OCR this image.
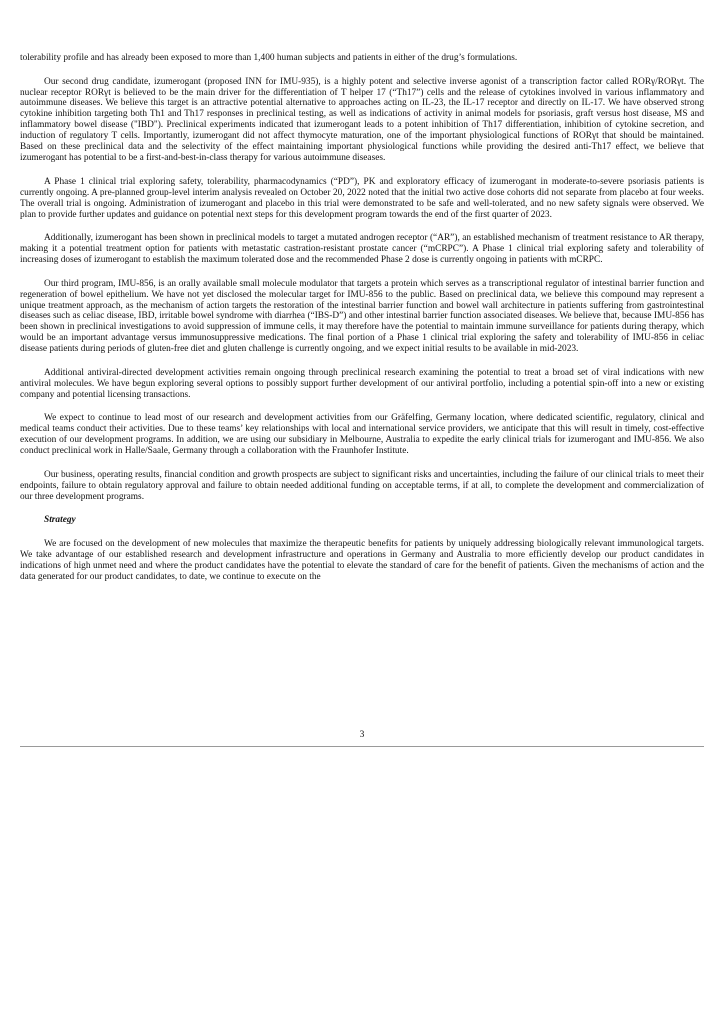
tolerability profile and has already been exposed to more than 1,400 human subjects and patients in either of the drug’s formulations.

Our second drug candidate, izumerogant (proposed INN for IMU-935), is a highly potent and selective inverse agonist of a transcription factor called RORγ/RORγt. The nuclear receptor RORγt is believed to be the main driver for the differentiation of T helper 17 (“Th17”) cells and the release of cytokines involved in various inflammatory and autoimmune diseases. We believe this target is an attractive potential alternative to approaches acting on IL-23, the IL-17 receptor and directly on IL-17. We have observed strong cytokine inhibition targeting both Th1 and Th17 responses in preclinical testing, as well as indications of activity in animal models for psoriasis, graft versus host disease, MS and inflammatory bowel disease ("IBD"). Preclinical experiments indicated that izumerogant leads to a potent inhibition of Th17 differentiation, inhibition of cytokine secretion, and induction of regulatory T cells. Importantly, izumerogant did not affect thymocyte maturation, one of the important physiological functions of RORγt that should be maintained. Based on these preclinical data and the selectivity of the effect maintaining important physiological functions while providing the desired anti-Th17 effect, we believe that izumerogant has potential to be a first-and-best-in-class therapy for various autoimmune diseases.

A Phase 1 clinical trial exploring safety, tolerability, pharmacodynamics (“PD”), PK and exploratory efficacy of izumerogant in moderate-to-severe psoriasis patients is currently ongoing. A pre-planned group-level interim analysis revealed on October 20, 2022 noted that the initial two active dose cohorts did not separate from placebo at four weeks. The overall trial is ongoing. Administration of izumerogant and placebo in this trial were demonstrated to be safe and well-tolerated, and no new safety signals were observed. We plan to provide further updates and guidance on potential next steps for this development program towards the end of the first quarter of 2023.

Additionally, izumerogant has been shown in preclinical models to target a mutated androgen receptor (“AR”), an established mechanism of treatment resistance to AR therapy, making it a potential treatment option for patients with metastatic castration-resistant prostate cancer (“mCRPC”). A Phase 1 clinical trial exploring safety and tolerability of increasing doses of izumerogant to establish the maximum tolerated dose and the recommended Phase 2 dose is currently ongoing in patients with mCRPC.

Our third program, IMU-856, is an orally available small molecule modulator that targets a protein which serves as a transcriptional regulator of intestinal barrier function and regeneration of bowel epithelium. We have not yet disclosed the molecular target for IMU-856 to the public. Based on preclinical data, we believe this compound may represent a unique treatment approach, as the mechanism of action targets the restoration of the intestinal barrier function and bowel wall architecture in patients suffering from gastrointestinal diseases such as celiac disease, IBD, irritable bowel syndrome with diarrhea (“IBS-D”) and other intestinal barrier function associated diseases. We believe that, because IMU-856 has been shown in preclinical investigations to avoid suppression of immune cells, it may therefore have the potential to maintain immune surveillance for patients during therapy, which would be an important advantage versus immunosuppressive medications. The final portion of a Phase 1 clinical trial exploring the safety and tolerability of IMU-856 in celiac disease patients during periods of gluten-free diet and gluten challenge is currently ongoing, and we expect initial results to be available in mid-2023.

Additional antiviral-directed development activities remain ongoing through preclinical research examining the potential to treat a broad set of viral indications with new antiviral molecules. We have begun exploring several options to possibly support further development of our antiviral portfolio, including a potential spin-off into a new or existing company and potential licensing transactions.

We expect to continue to lead most of our research and development activities from our Gräfelfing, Germany location, where dedicated scientific, regulatory, clinical and medical teams conduct their activities. Due to these teams’ key relationships with local and international service providers, we anticipate that this will result in timely, cost-effective execution of our development programs. In addition, we are using our subsidiary in Melbourne, Australia to expedite the early clinical trials for izumerogant and IMU-856. We also conduct preclinical work in Halle/Saale, Germany through a collaboration with the Fraunhofer Institute.

Our business, operating results, financial condition and growth prospects are subject to significant risks and uncertainties, including the failure of our clinical trials to meet their endpoints, failure to obtain regulatory approval and failure to obtain needed additional funding on acceptable terms, if at all, to complete the development and commercialization of our three development programs.

Strategy

We are focused on the development of new molecules that maximize the therapeutic benefits for patients by uniquely addressing biologically relevant immunological targets. We take advantage of our established research and development infrastructure and operations in Germany and Australia to more efficiently develop our product candidates in indications of high unmet need and where the product candidates have the potential to elevate the standard of care for the benefit of patients. Given the mechanisms of action and the data generated for our product candidates, to date, we continue to execute on the

3
